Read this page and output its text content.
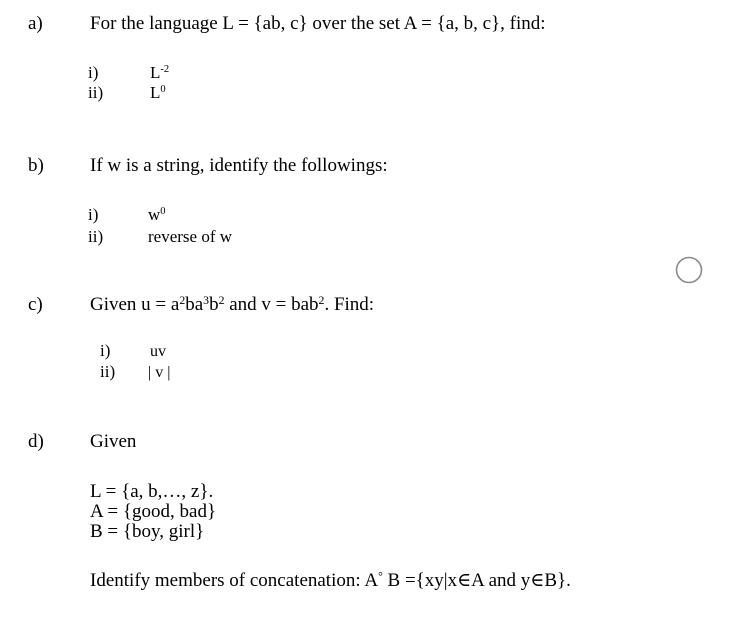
a) For the language L = {ab, c} over the set A = {a, b, c}, find:
i)	$L^{-2}$
ii)	$L^0$
b) If w is a string, identify the followings:
i)	$w^0$
ii)	reverse of w
c) Given $u = a^2ba^3b^2$ and v = bab$^2$. Find:
i) uv
ii) | v |
d) Given
L = {a, b,…, z}.
A = {good, bad}
B = {boy, girl}
Identify members of concatenation: A° B ={xy|x∈A and y∈B}.
